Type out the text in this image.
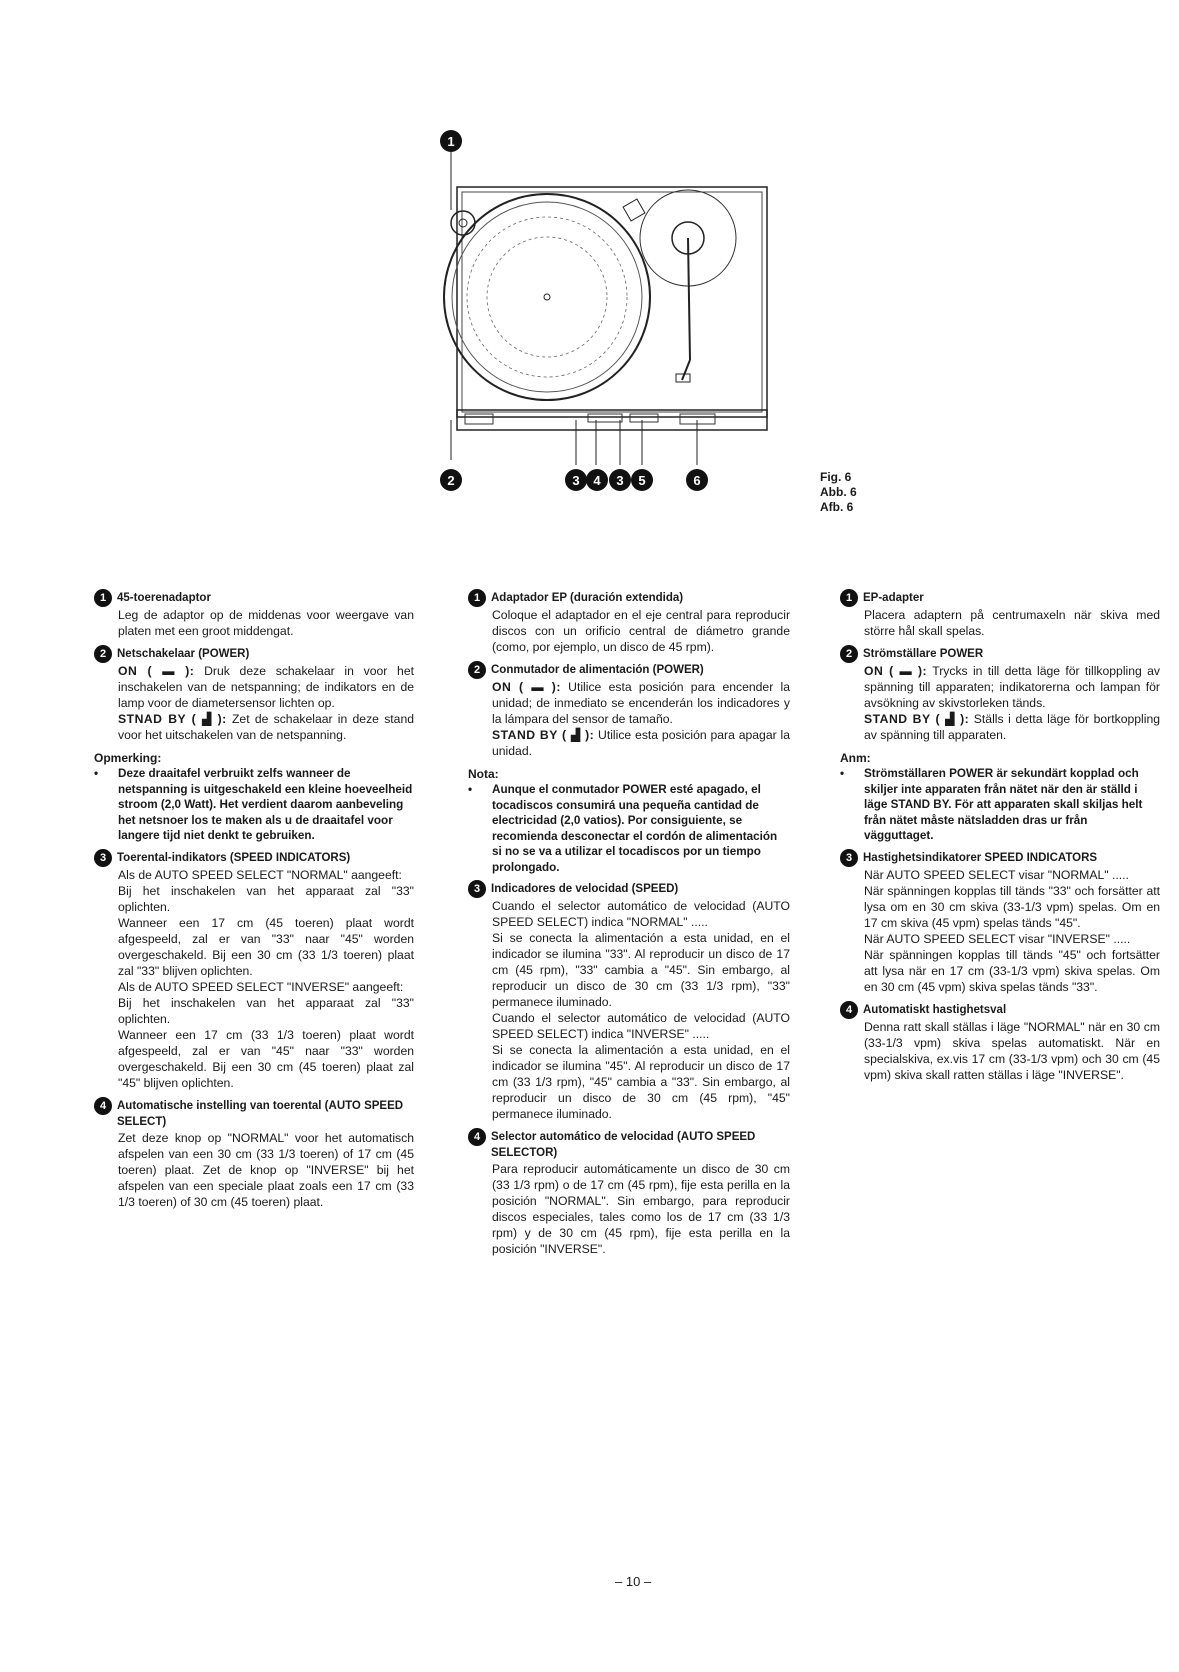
1
2	3	4	3	5	6	Fig. 6
Abb. 6
Afb. 6
1 45-toerenadaptor
Leg de adaptor op de middenas voor weergave van platen met een groot middengat.
2 Netschakelaar (POWER)
ON ( ▬ ): Druk deze schakelaar in voor het inschakelen van de netspanning; de indikators en de lamp voor de diametersensor lichten op.
STNAD BY ( ▟ ): Zet de schakelaar in deze stand voor het uitschakelen van de netspanning.
Opmerking:
•	Deze draaitafel verbruikt zelfs wanneer de netspanning is uitgeschakeld een kleine hoeveelheid stroom (2,0 Watt). Het verdient daarom aanbeveling het netsnoer los te maken als u de draaitafel voor langere tijd niet denkt te gebruiken.
3 Toerental-indikators (SPEED INDICATORS)
Als de AUTO SPEED SELECT "NORMAL" aangeeft:
Bij het inschakelen van het apparaat zal "33" oplichten.
Wanneer een 17 cm (45 toeren) plaat wordt afgespeeld, zal er van "33" naar "45" worden overgeschakeld. Bij een 30 cm (33 1/3 toeren) plaat zal "33" blijven oplichten.
Als de AUTO SPEED SELECT "INVERSE" aangeeft:
Bij het inschakelen van het apparaat zal "33" oplichten.
Wanneer een 17 cm (33 1/3 toeren) plaat wordt afgespeeld, zal er van "45" naar "33" worden overgeschakeld. Bij een 30 cm (45 toeren) plaat zal "45" blijven oplichten.
4 Automatische instelling van toerental (AUTO SPEED SELECT)
Zet deze knop op "NORMAL" voor het automatisch afspelen van een 30 cm (33 1/3 toeren) of 17 cm (45 toeren) plaat. Zet de knop op "INVERSE" bij het afspelen van een speciale plaat zoals een 17 cm (33 1/3 toeren) of 30 cm (45 toeren) plaat.
1 Adaptador EP (duración extendida)
Coloque el adaptador en el eje central para reproducir discos con un orificio central de diámetro grande (como, por ejemplo, un disco de 45 rpm).
2 Conmutador de alimentación (POWER)
ON ( ▬ ): Utilice esta posición para encender la unidad; de inmediato se encenderán los indicadores y la lámpara del sensor de tamaño.
STAND BY ( ▟ ): Utilice esta posición para apagar la unidad.
Nota:
•	Aunque el conmutador POWER esté apagado, el tocadiscos consumirá una pequeña cantidad de electricidad (2,0 vatios). Por consiguiente, se recomienda desconectar el cordón de alimentación si no se va a utilizar el tocadiscos por un tiempo prolongado.
3 Indicadores de velocidad (SPEED)
Cuando el selector automático de velocidad (AUTO SPEED SELECT) indica "NORMAL" .....
Si se conecta la alimentación a esta unidad, en el indicador se ilumina "33". Al reproducir un disco de 17 cm (45 rpm), "33" cambia a "45". Sin embargo, al reproducir un disco de 30 cm (33 1/3 rpm), "33" permanece iluminado.
Cuando el selector automático de velocidad (AUTO SPEED SELECT) indica "INVERSE" .....
Si se conecta la alimentación a esta unidad, en el indicador se ilumina "45". Al reproducir un disco de 17 cm (33 1/3 rpm), "45" cambia a "33". Sin embargo, al reproducir un disco de 30 cm (45 rpm), "45" permanece iluminado.
4 Selector automático de velocidad (AUTO SPEED SELECTOR)
Para reproducir automáticamente un disco de 30 cm (33 1/3 rpm) o de 17 cm (45 rpm), fije esta perilla en la posición "NORMAL". Sin embargo, para reproducir discos especiales, tales como los de 17 cm (33 1/3 rpm) y de 30 cm (45 rpm), fije esta perilla en la posición "INVERSE".
1 EP-adapter
Placera adaptern på centrumaxeln när skiva med större hål skall spelas.
2 Strömställare POWER
ON ( ▬ ): Trycks in till detta läge för tillkoppling av spänning till apparaten; indikatorerna och lampan för avsökning av skivstorleken tänds.
STAND BY ( ▟ ): Ställs i detta läge för bortkoppling av spänning till apparaten.
Anm:
•	Strömställaren POWER är sekundärt kopplad och skiljer inte apparaten från nätet när den är ställd i läge STAND BY. För att apparaten skall skiljas helt från nätet måste nätsladden dras ur från vägguttaget.
3 Hastighetsindikatorer SPEED INDICATORS
När AUTO SPEED SELECT visar "NORMAL" .....
När spänningen kopplas till tänds "33" och forsätter att lysa om en 30 cm skiva (33-1/3 vpm) spelas. Om en 17 cm skiva (45 vpm) spelas tänds "45".
När AUTO SPEED SELECT visar "INVERSE" .....
När spänningen kopplas till tänds "45" och fortsätter att lysa när en 17 cm (33-1/3 vpm) skiva spelas. Om en 30 cm (45 vpm) skiva spelas tänds "33".
4 Automatiskt hastighetsval
Denna ratt skall ställas i läge "NORMAL" när en 30 cm (33-1/3 vpm) skiva spelas automatiskt. När en specialskiva, ex.vis 17 cm (33-1/3 vpm) och 30 cm (45 vpm) skiva skall ratten ställas i läge "INVERSE".
– 10 –
